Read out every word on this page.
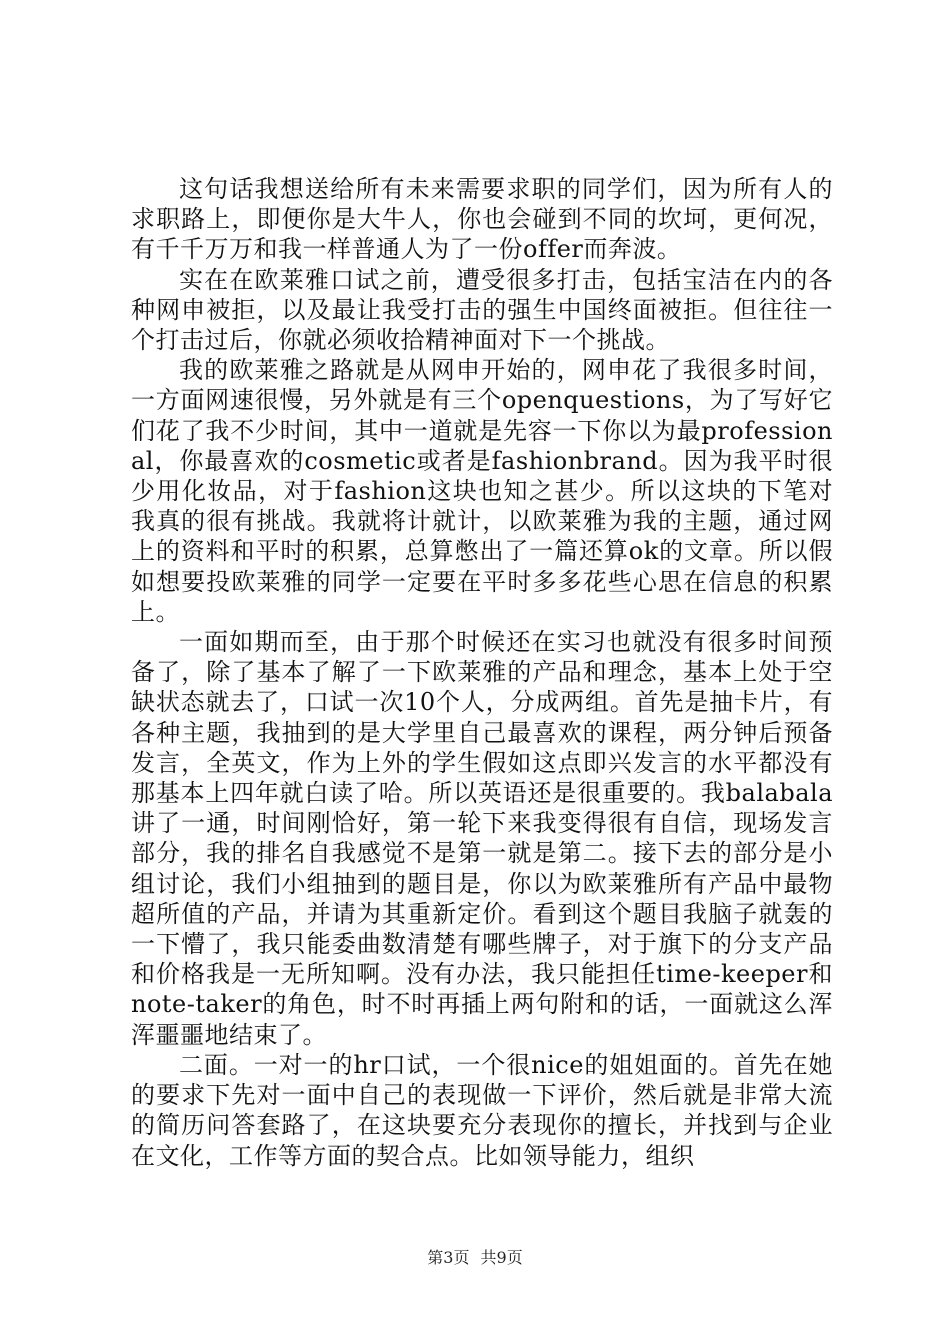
这句话我想送给所有未来需要求职的同学们，因为所有人的求职路上，即便你是大牛人，你也会碰到不同的坎坷，更何况，有千千万万和我一样普通人为了一份offer而奔波。

实在在欧莱雅口试之前，遭受很多打击，包括宝洁在内的各种网申被拒，以及最让我受打击的强生中国终面被拒。但往往一个打击过后，你就必须收拾精神面对下一个挑战。

我的欧莱雅之路就是从网申开始的，网申花了我很多时间，一方面网速很慢，另外就是有三个openquestions，为了写好它们花了我不少时间，其中一道就是先容一下你以为最professional，你最喜欢的cosmetic或者是fashionbrand。因为我平时很少用化妆品，对于fashion这块也知之甚少。所以这块的下笔对我真的很有挑战。我就将计就计，以欧莱雅为我的主题，通过网上的资料和平时的积累，总算憋出了一篇还算ok的文章。所以假如想要投欧莱雅的同学一定要在平时多多花些心思在信息的积累上。

一面如期而至，由于那个时候还在实习也就没有很多时间预备了，除了基本了解了一下欧莱雅的产品和理念，基本上处于空缺状态就去了，口试一次10个人，分成两组。首先是抽卡片，有各种主题，我抽到的是大学里自己最喜欢的课程，两分钟后预备发言，全英文，作为上外的学生假如这点即兴发言的水平都没有那基本上四年就白读了哈。所以英语还是很重要的。我balabala讲了一通，时间刚恰好，第一轮下来我变得很有自信，现场发言部分，我的排名自我感觉不是第一就是第二。接下去的部分是小组讨论，我们小组抽到的题目是，你以为欧莱雅所有产品中最物超所值的产品，并请为其重新定价。看到这个题目我脑子就轰的一下懵了，我只能委曲数清楚有哪些牌子，对于旗下的分支产品和价格我是一无所知啊。没有办法，我只能担任time-keeper和note-taker的角色，时不时再插上两句附和的话，一面就这么浑浑噩噩地结束了。

二面。一对一的hr口试，一个很nice的姐姐面的。首先在她的要求下先对一面中自己的表现做一下评价，然后就是非常大流的简历问答套路了，在这块要充分表现你的擅长，并找到与企业在文化，工作等方面的契合点。比如领导能力，组织

第3页 共9页
